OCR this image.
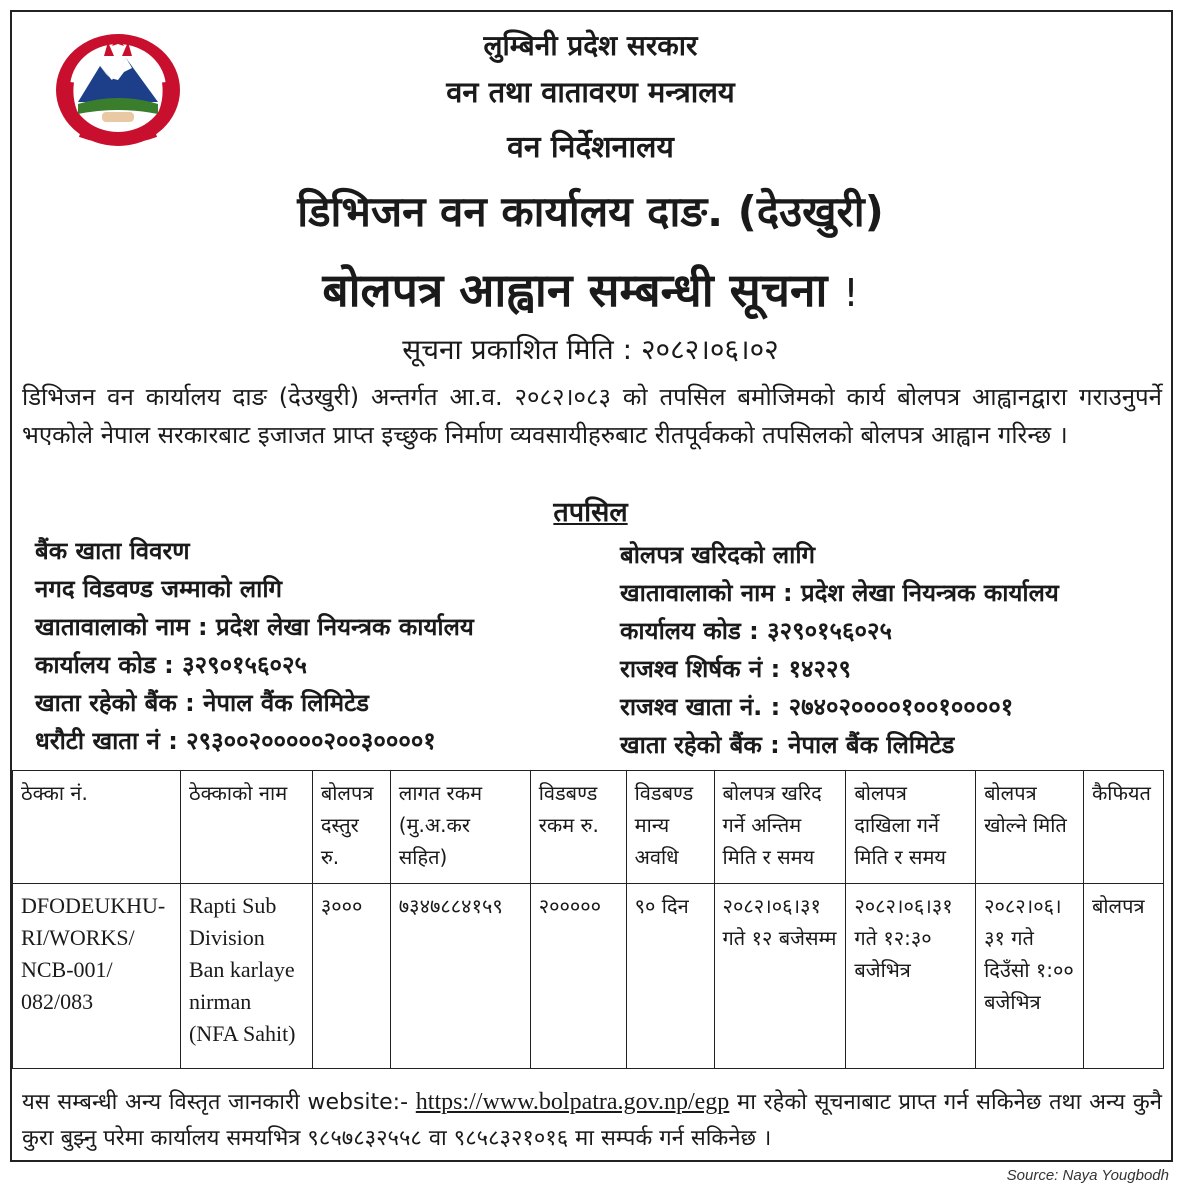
लुम्बिनी प्रदेश सरकार
वन तथा वातावरण मन्त्रालय
वन निर्देशनालय
डिभिजन वन कार्यालय दाङ. (देउखुरी)
बोलपत्र आह्वान सम्बन्धी सूचना !
सूचना प्रकाशित मिति : २०८२।०६।०२
डिभिजन वन कार्यालय दाङ (देउखुरी) अन्तर्गत आ.व. २०८२।०८३ को तपसिल बमोजिमको कार्य बोलपत्र आह्वानद्वारा गराउनुपर्ने भएकोले नेपाल सरकारबाट इजाजत प्राप्त इच्छुक निर्माण व्यवसायीहरुबाट रीतपूर्वकको तपसिलको बोलपत्र आह्वान गरिन्छ ।
तपसिल
बैंक खाता विवरण
नगद विडवण्ड जम्माको लागि
खातावालाको नाम : प्रदेश लेखा नियन्त्रक कार्यालय
कार्यालय कोड : ३२९०१५६०२५
खाता रहेको बैंक : नेपाल वैंक लिमिटेड
धरौटी खाता नं : २९३००२०००००२००३००००१
बोलपत्र खरिदको लागि
खातावालाको नाम : प्रदेश लेखा नियन्त्रक कार्यालय
कार्यालय कोड : ३२९०१५६०२५
राजश्व शिर्षक नं : १४२२९
राजश्व खाता नं. : २७४०२००००१००१००००१
खाता रहेको बैंक : नेपाल बैंक लिमिटेड
ठेक्का नं.	ठेक्काको नाम	बोलपत्र दस्तुर रु.	लागत रकम (मु.अ.कर सहित)	विडबण्ड रकम रु.	विडबण्ड मान्य अवधि	बोलपत्र खरिद गर्ने अन्तिम मिति र समय	बोलपत्र दाखिला गर्ने मिति र समय	बोलपत्र खोल्ने मिति	कैफियत
DFODEUKHU-RI/WORKS/ NCB-001/ 082/083	Rapti Sub Division Ban karlaye nirman (NFA Sahit)	३०००	७३४७८८४१५९	२०००००	९० दिन	२०८२।०६।३१ गते १२ बजेसम्म	२०८२।०६।३१ गते १२:३० बजेभित्र	२०८२।०६।३१ गते दिउँसो १:०० बजेभित्र	बोलपत्र
यस सम्बन्धी अन्य विस्तृत जानकारी website:- https://www.bolpatra.gov.np/egp मा रहेको सूचनाबाट प्राप्त गर्न सकिनेछ तथा अन्य कुनै कुरा बुझ्नु परेमा कार्यालय समयभित्र ९८५७८३२५५८ वा ९८५८३२१०१६ मा सम्पर्क गर्न सकिनेछ ।
Source: Naya Yougbodh
